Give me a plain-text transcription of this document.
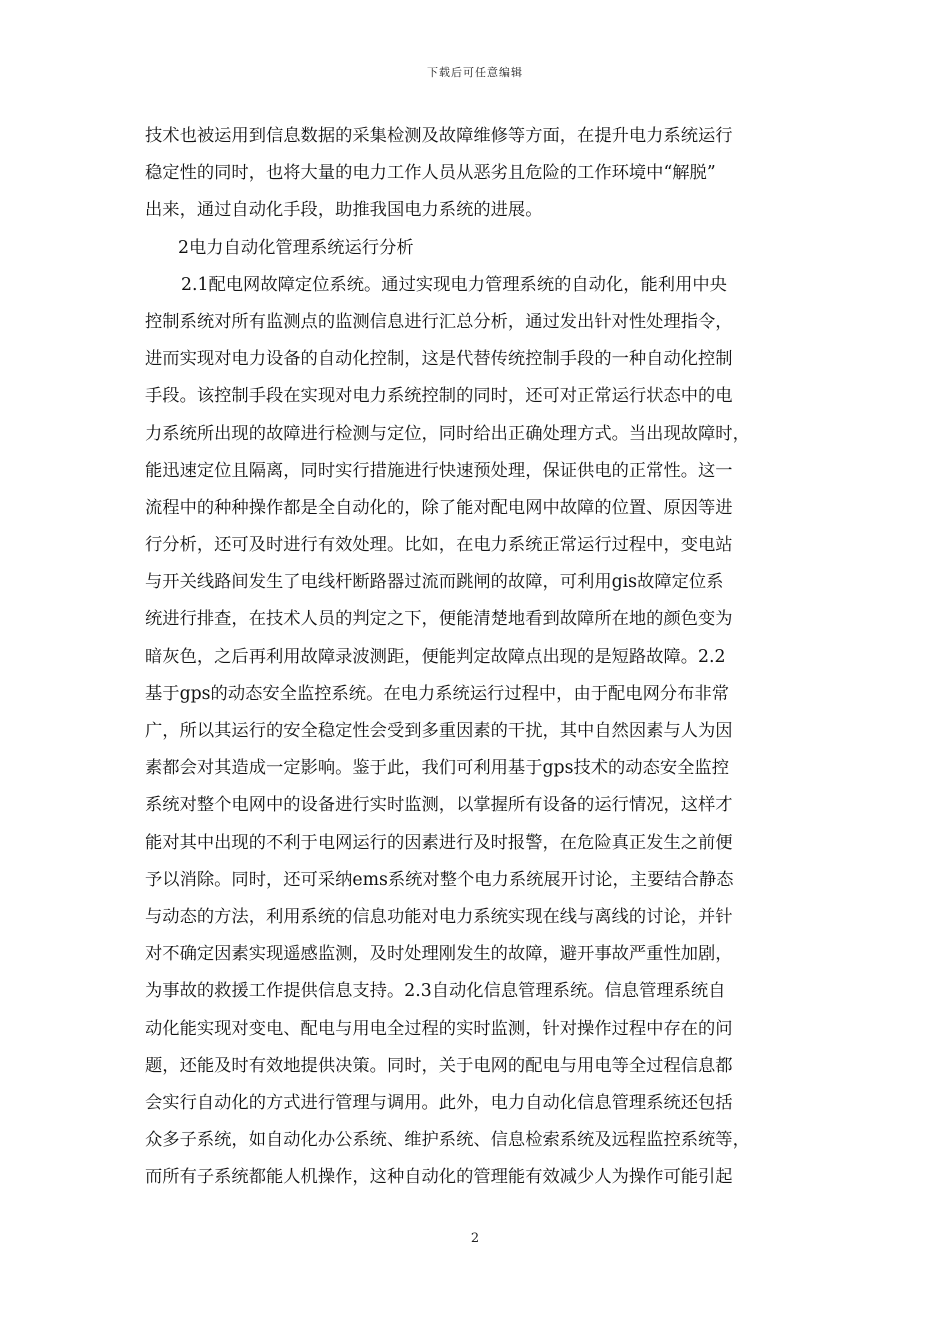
下载后可任意编辑
技术也被运用到信息数据的采集检测及故障维修等方面，在提升电力系统运行
稳定性的同时，也将大量的电力工作人员从恶劣且危险的工作环境中“解脱”
出来，通过自动化手段，助推我国电力系统的进展。
2电力自动化管理系统运行分析
2.1配电网故障定位系统。通过实现电力管理系统的自动化，能利用中央
控制系统对所有监测点的监测信息进行汇总分析，通过发出针对性处理指令，
进而实现对电力设备的自动化控制，这是代替传统控制手段的一种自动化控制
手段。该控制手段在实现对电力系统控制的同时，还可对正常运行状态中的电
力系统所出现的故障进行检测与定位，同时给出正确处理方式。当出现故障时，
能迅速定位且隔离，同时实行措施进行快速预处理，保证供电的正常性。这一
流程中的种种操作都是全自动化的，除了能对配电网中故障的位置、原因等进
行分析，还可及时进行有效处理。比如，在电力系统正常运行过程中，变电站
与开关线路间发生了电线杆断路器过流而跳闸的故障，可利用gis故障定位系
统进行排查，在技术人员的判定之下，便能清楚地看到故障所在地的颜色变为
暗灰色，之后再利用故障录波测距，便能判定故障点出现的是短路故障。2.2
基于gps的动态安全监控系统。在电力系统运行过程中，由于配电网分布非常
广，所以其运行的安全稳定性会受到多重因素的干扰，其中自然因素与人为因
素都会对其造成一定影响。鉴于此，我们可利用基于gps技术的动态安全监控
系统对整个电网中的设备进行实时监测，以掌握所有设备的运行情况，这样才
能对其中出现的不利于电网运行的因素进行及时报警，在危险真正发生之前便
予以消除。同时，还可采纳ems系统对整个电力系统展开讨论，主要结合静态
与动态的方法，利用系统的信息功能对电力系统实现在线与离线的讨论，并针
对不确定因素实现遥感监测，及时处理刚发生的故障，避开事故严重性加剧，
为事故的救援工作提供信息支持。2.3自动化信息管理系统。信息管理系统自
动化能实现对变电、配电与用电全过程的实时监测，针对操作过程中存在的问
题，还能及时有效地提供决策。同时，关于电网的配电与用电等全过程信息都
会实行自动化的方式进行管理与调用。此外，电力自动化信息管理系统还包括
众多子系统，如自动化办公系统、维护系统、信息检索系统及远程监控系统等，
而所有子系统都能人机操作，这种自动化的管理能有效减少人为操作可能引起
2
